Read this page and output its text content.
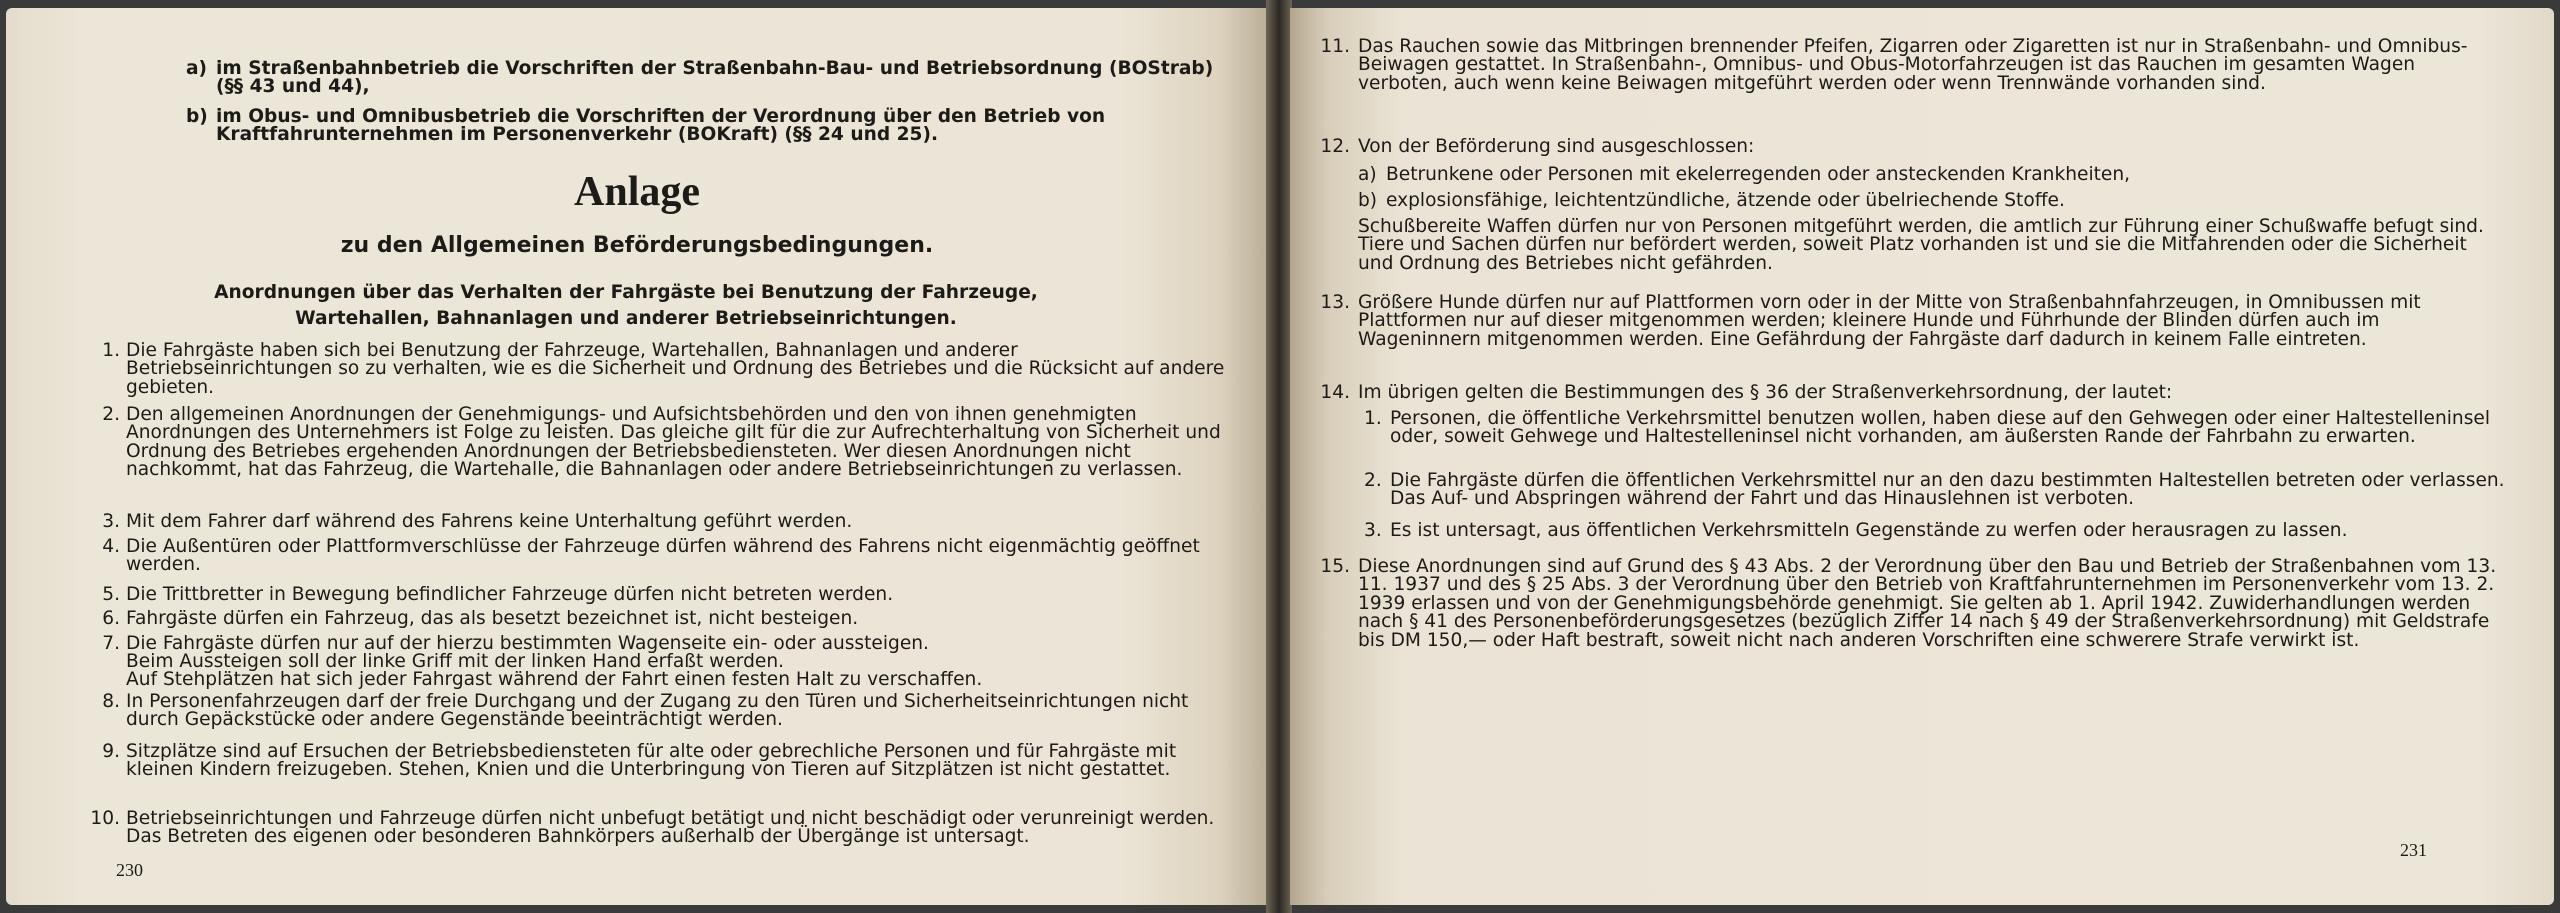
a) im Straßenbahnbetrieb die Vorschriften der Straßenbahn-Bau- und Betriebsordnung (BOStrab) (§§ 43 und 44),
b) im Obus- und Omnibusbetrieb die Vorschriften der Verordnung über den Betrieb von Kraftfahrunternehmen im Personenverkehr (BOKraft) (§§ 24 und 25).
Anlage
zu den Allgemeinen Beförderungsbedingungen.
Anordnungen über das Verhalten der Fahrgäste bei Benutzung der Fahrzeuge, Wartehallen, Bahnanlagen und anderer Betriebseinrichtungen.
1. Die Fahrgäste haben sich bei Benutzung der Fahrzeuge, Wartehallen, Bahnanlagen und anderer Betriebseinrichtungen so zu verhalten, wie es die Sicherheit und Ordnung des Betriebes und die Rücksicht auf andere gebieten.
2. Den allgemeinen Anordnungen der Genehmigungs- und Aufsichtsbehörden und den von ihnen genehmigten Anordnungen des Unternehmers ist Folge zu leisten. Das gleiche gilt für die zur Aufrechterhaltung von Sicherheit und Ordnung des Betriebes ergehenden Anordnungen der Betriebsbediensteten. Wer diesen Anordnungen nicht nachkommt, hat das Fahrzeug, die Wartehalle, die Bahnanlagen oder andere Betriebseinrichtungen zu verlassen.
3. Mit dem Fahrer darf während des Fahrens keine Unterhaltung geführt werden.
4. Die Außentüren oder Plattformverschlüsse der Fahrzeuge dürfen während des Fahrens nicht eigenmächtig geöffnet werden.
5. Die Trittbretter in Bewegung befindlicher Fahrzeuge dürfen nicht betreten werden.
6. Fahrgäste dürfen ein Fahrzeug, das als besetzt bezeichnet ist, nicht besteigen.
7. Die Fahrgäste dürfen nur auf der hierzu bestimmten Wagenseite ein- oder aussteigen.
Beim Aussteigen soll der linke Griff mit der linken Hand erfaßt werden.
Auf Stehplätzen hat sich jeder Fahrgast während der Fahrt einen festen Halt zu verschaffen.
8. In Personenfahrzeugen darf der freie Durchgang und der Zugang zu den Türen und Sicherheitseinrichtungen nicht durch Gepäckstücke oder andere Gegenstände beeinträchtigt werden.
9. Sitzplätze sind auf Ersuchen der Betriebsbediensteten für alte oder gebrechliche Personen und für Fahrgäste mit kleinen Kindern freizugeben. Stehen, Knien und die Unterbringung von Tieren auf Sitzplätzen ist nicht gestattet.
10. Betriebseinrichtungen und Fahrzeuge dürfen nicht unbefugt betätigt und nicht beschädigt oder verunreinigt werden. Das Betreten des eigenen oder besonderen Bahnkörpers außerhalb der Übergänge ist untersagt.
230
11. Das Rauchen sowie das Mitbringen brennender Pfeifen, Zigarren oder Zigaretten ist nur in Straßenbahn- und Omnibus-Beiwagen gestattet. In Straßenbahn-, Omnibus- und Obus-Motorfahrzeugen ist das Rauchen im gesamten Wagen verboten, auch wenn keine Beiwagen mitgeführt werden oder wenn Trennwände vorhanden sind.
12. Von der Beförderung sind ausgeschlossen:
a) Betrunkene oder Personen mit ekelerregenden oder ansteckenden Krankheiten,
b) explosionsfähige, leichtentzündliche, ätzende oder übelriechende Stoffe.
Schußbereite Waffen dürfen nur von Personen mitgeführt werden, die amtlich zur Führung einer Schußwaffe befugt sind. Tiere und Sachen dürfen nur befördert werden, soweit Platz vorhanden ist und sie die Mitfahrenden oder die Sicherheit und Ordnung des Betriebes nicht gefährden.
13. Größere Hunde dürfen nur auf Plattformen vorn oder in der Mitte von Straßenbahnfahrzeugen, in Omnibussen mit Plattformen nur auf dieser mitgenommen werden; kleinere Hunde und Führhunde der Blinden dürfen auch im Wageninnern mitgenommen werden. Eine Gefährdung der Fahrgäste darf dadurch in keinem Falle eintreten.
14. Im übrigen gelten die Bestimmungen des § 36 der Straßenverkehrsordnung, der lautet:
1. Personen, die öffentliche Verkehrsmittel benutzen wollen, haben diese auf den Gehwegen oder einer Haltestelleninsel oder, soweit Gehwege und Haltestelleninsel nicht vorhanden, am äußersten Rande der Fahrbahn zu erwarten.
2. Die Fahrgäste dürfen die öffentlichen Verkehrsmittel nur an den dazu bestimmten Haltestellen betreten oder verlassen. Das Auf- und Abspringen während der Fahrt und das Hinauslehnen ist verboten.
3. Es ist untersagt, aus öffentlichen Verkehrsmitteln Gegenstände zu werfen oder herausragen zu lassen.
15. Diese Anordnungen sind auf Grund des § 43 Abs. 2 der Verordnung über den Bau und Betrieb der Straßenbahnen vom 13. 11. 1937 und des § 25 Abs. 3 der Verordnung über den Betrieb von Kraftfahrunternehmen im Personenverkehr vom 13. 2. 1939 erlassen und von der Genehmigungsbehörde genehmigt. Sie gelten ab 1. April 1942. Zuwiderhandlungen werden nach § 41 des Personenbeförderungsgesetzes (bezüglich Ziffer 14 nach § 49 der Straßenverkehrsordnung) mit Geldstrafe bis DM 150,— oder Haft bestraft, soweit nicht nach anderen Vorschriften eine schwerere Strafe verwirkt ist.
231
